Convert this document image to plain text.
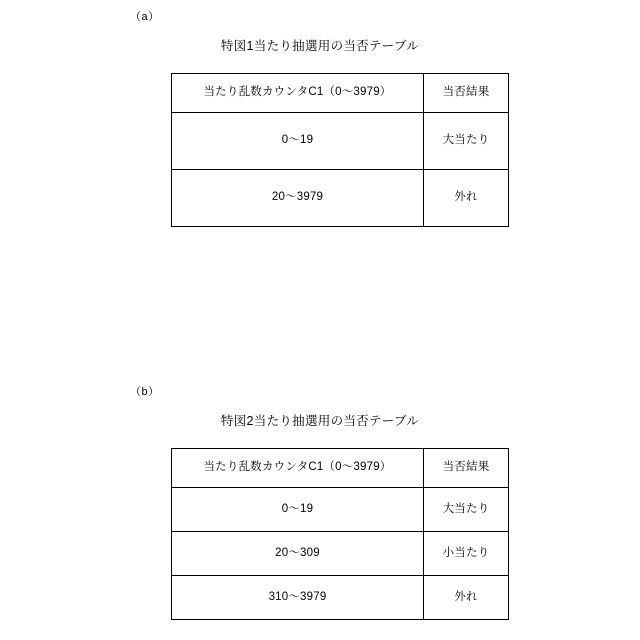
（a）
特図1当たり抽選用の当否テーブル
当たり乱数カウンタC1（0〜3979）	当否結果

0〜19	大当たり

20〜3979	外れ
（b）
特図2当たり抽選用の当否テーブル
当たり乱数カウンタC1（0〜3979）	当否結果

0〜19	大当たり

20〜309	小当たり

310〜3979	外れ
